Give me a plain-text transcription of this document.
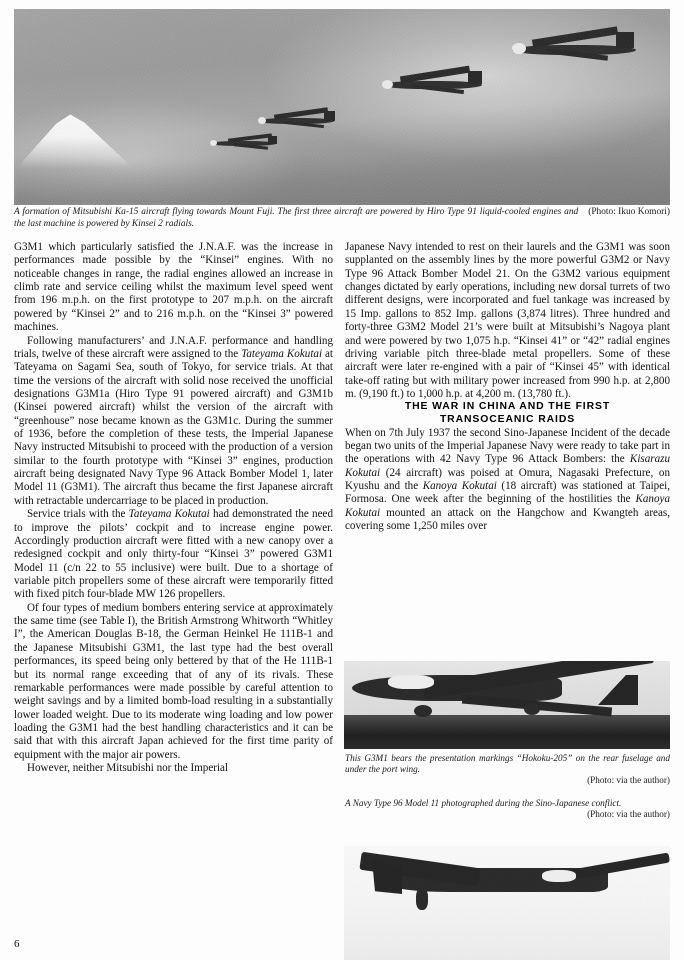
(Photo: Ikuo Komori)
A formation of Mitsubishi Ka-15 aircraft flying towards Mount Fuji. The first three aircraft are powered by Hiro Type 91 liquid-cooled engines and the last machine is powered by Kinsei 2 radials.

G3M1 which particularly satisfied the J.N.A.F. was the increase in performances made possible by the “Kinsei” engines. With no noticeable changes in range, the radial engines allowed an increase in climb rate and service ceiling whilst the maximum level speed went from 196 m.p.h. on the first prototype to 207 m.p.h. on the aircraft powered by “Kinsei 2” and to 216 m.p.h. on the “Kinsei 3” powered machines.

Following manufacturers’ and J.N.A.F. performance and handling trials, twelve of these aircraft were assigned to the Tateyama Kokutai at Tateyama on Sagami Sea, south of Tokyo, for service trials. At that time the versions of the aircraft with solid nose received the unofficial designations G3M1a (Hiro Type 91 powered aircraft) and G3M1b (Kinsei powered aircraft) whilst the version of the aircraft with “greenhouse” nose became known as the G3M1c. During the summer of 1936, before the completion of these tests, the Imperial Japanese Navy instructed Mitsubishi to proceed with the production of a version similar to the fourth prototype with “Kinsei 3” engines, production aircraft being designated Navy Type 96 Attack Bomber Model 1, later Model 11 (G3M1). The aircraft thus became the first Japanese aircraft with retractable undercarriage to be placed in production.

Service trials with the Tateyama Kokutai had demonstrated the need to improve the pilots’ cockpit and to increase engine power. Accordingly production aircraft were fitted with a new canopy over a redesigned cockpit and only thirty-four “Kinsei 3” powered G3M1 Model 11 (c/n 22 to 55 inclusive) were built. Due to a shortage of variable pitch propellers some of these aircraft were temporarily fitted with fixed pitch four-blade MW 126 propellers.

Of four types of medium bombers entering service at approximately the same time (see Table I), the British Armstrong Whitworth “Whitley I”, the American Douglas B-18, the German Heinkel He 111B-1 and the Japanese Mitsubishi G3M1, the last type had the best overall performances, its speed being only bettered by that of the He 111B-1 but its normal range exceeding that of any of its rivals. These remarkable performances were made possible by careful attention to weight savings and by a limited bomb-load resulting in a substantially lower loaded weight. Due to its moderate wing loading and low power loading the G3M1 had the best handling characteristics and it can be said that with this aircraft Japan achieved for the first time parity of equipment with the major air powers.

However, neither Mitsubishi nor the Imperial

Japanese Navy intended to rest on their laurels and the G3M1 was soon supplanted on the assembly lines by the more powerful G3M2 or Navy Type 96 Attack Bomber Model 21. On the G3M2 various equipment changes dictated by early operations, including new dorsal turrets of two different designs, were incorporated and fuel tankage was increased by 15 Imp. gallons to 852 Imp. gallons (3,874 litres). Three hundred and forty-three G3M2 Model 21’s were built at Mitsubishi’s Nagoya plant and were powered by two 1,075 h.p. “Kinsei 41” or “42” radial engines driving variable pitch three-blade metal propellers. Some of these aircraft were later re-engined with a pair of “Kinsei 45” with identical take-off rating but with military power increased from 990 h.p. at 2,800 m. (9,190 ft.) to 1,000 h.p. at 4,200 m. (13,780 ft.).

THE WAR IN CHINA AND THE FIRST
TRANSOCEANIC RAIDS

When on 7th July 1937 the second Sino-Japanese Incident of the decade began two units of the Imperial Japanese Navy were ready to take part in the operations with 42 Navy Type 96 Attack Bombers: the Kisarazu Kokutai (24 aircraft) was poised at Omura, Nagasaki Prefecture, on Kyushu and the Kanoya Kokutai (18 aircraft) was stationed at Taipei, Formosa. One week after the beginning of the hostilities the Kanoya Kokutai mounted an attack on the Hangchow and Kwangteh areas, covering some 1,250 miles over

This G3M1 bears the presentation markings “Hokoku-205” on the rear fuselage and under the port wing.
(Photo: via the author)
A Navy Type 96 Model 11 photographed during the Sino-Japanese conflict.
(Photo: via the author)
6
